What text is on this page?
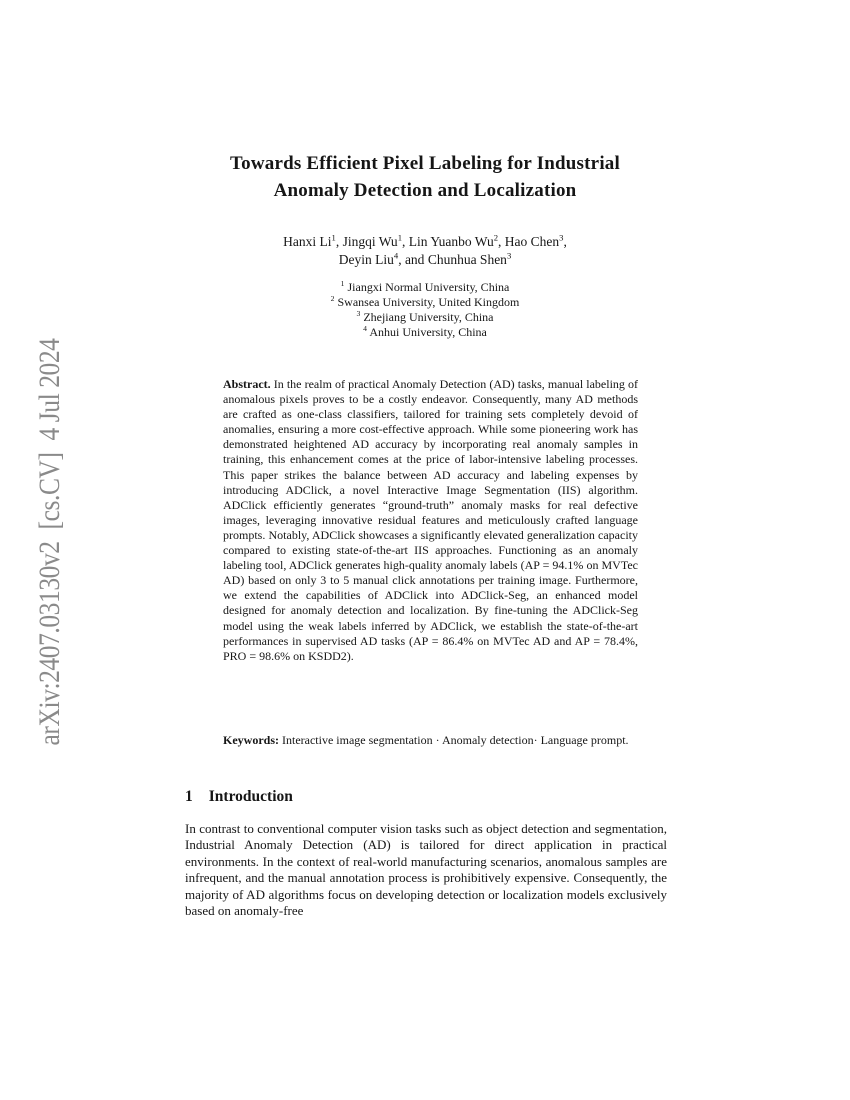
arXiv:2407.03130v2  [cs.CV]  4 Jul 2024
Towards Efficient Pixel Labeling for Industrial
Anomaly Detection and Localization
Hanxi Li$^1$, Jingqi Wu$^1$, Lin Yuanbo Wu$^2$, Hao Chen$^3$,
Deyin Liu$^4$, and Chunhua Shen$^3$
$^1$ Jiangxi Normal University, China
$^2$ Swansea University, United Kingdom
$^3$ Zhejiang University, China
$^4$ Anhui University, China

Abstract. In the realm of practical Anomaly Detection (AD) tasks, manual labeling of anomalous pixels proves to be a costly endeavor. Consequently, many AD methods are crafted as one-class classifiers, tailored for training sets completely devoid of anomalies, ensuring a more cost-effective approach. While some pioneering work has demonstrated heightened AD accuracy by incorporating real anomaly samples in training, this enhancement comes at the price of labor-intensive labeling processes. This paper strikes the balance between AD accuracy and labeling expenses by introducing ADClick, a novel Interactive Image Segmentation (IIS) algorithm. ADClick efficiently generates “ground-truth” anomaly masks for real defective images, leveraging innovative residual features and meticulously crafted language prompts. Notably, ADClick showcases a significantly elevated generalization capacity compared to existing state-of-the-art IIS approaches. Functioning as an anomaly labeling tool, ADClick generates high-quality anomaly labels (AP = 94.1% on MVTec AD) based on only 3 to 5 manual click annotations per training image. Furthermore, we extend the capabilities of ADClick into ADClick-Seg, an enhanced model designed for anomaly detection and localization. By fine-tuning the ADClick-Seg model using the weak labels inferred by ADClick, we establish the state-of-the-art performances in supervised AD tasks (AP = 86.4% on MVTec AD and AP = 78.4%, PRO = 98.6% on KSDD2).

Keywords: Interactive image segmentation · Anomaly detection· Language prompt.

1 Introduction

In contrast to conventional computer vision tasks such as object detection and segmentation, Industrial Anomaly Detection (AD) is tailored for direct application in practical environments. In the context of real-world manufacturing scenarios, anomalous samples are infrequent, and the manual annotation process is prohibitively expensive. Consequently, the majority of AD algorithms focus on developing detection or localization models exclusively based on anomaly-free
